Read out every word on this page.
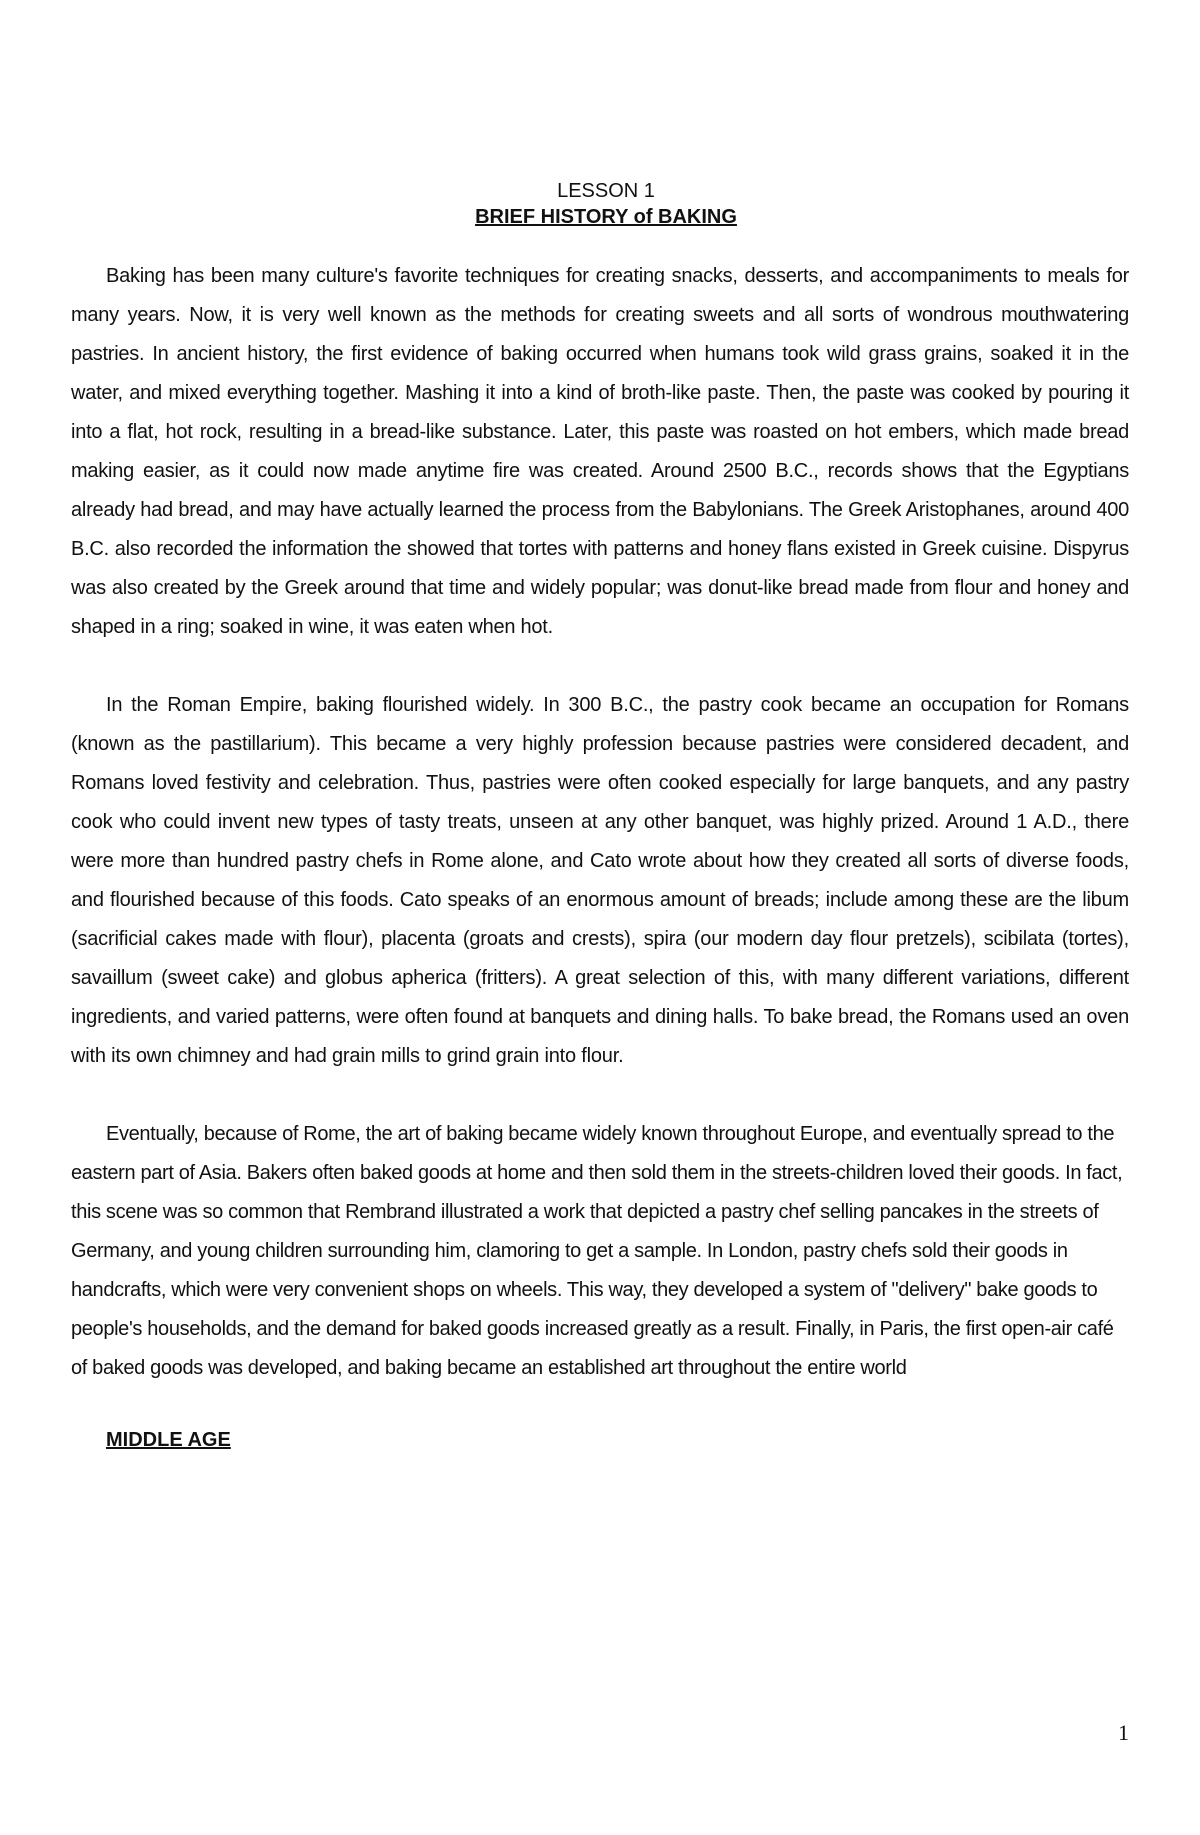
LESSON 1

BRIEF HISTORY of BAKING

Baking has been many culture's favorite techniques for creating snacks, desserts, and accompaniments to meals for many years. Now, it is very well known as the methods for creating sweets and all sorts of wondrous mouthwatering pastries. In ancient history, the first evidence of baking occurred when humans took wild grass grains, soaked it in the water, and mixed everything together. Mashing it into a kind of broth-like paste. Then, the paste was cooked by pouring it into a flat, hot rock, resulting in a bread-like substance. Later, this paste was roasted on hot embers, which made bread making easier, as it could now made anytime fire was created. Around 2500 B.C., records shows that the Egyptians already had bread, and may have actually learned the process from the Babylonians. The Greek Aristophanes, around 400 B.C. also recorded the information the showed that tortes with patterns and honey flans existed in Greek cuisine. Dispyrus was also created by the Greek around that time and widely popular; was donut-like bread made from flour and honey and shaped in a ring; soaked in wine, it was eaten when hot.

In the Roman Empire, baking flourished widely. In 300 B.C., the pastry cook became an occupation for Romans (known as the pastillarium). This became a very highly profession because pastries were considered decadent, and Romans loved festivity and celebration. Thus, pastries were often cooked especially for large banquets, and any pastry cook who could invent new types of tasty treats, unseen at any other banquet, was highly prized. Around 1 A.D., there were more than hundred pastry chefs in Rome alone, and Cato wrote about how they created all sorts of diverse foods, and flourished because of this foods. Cato speaks of an enormous amount of breads; include among these are the libum (sacrificial cakes made with flour), placenta (groats and crests), spira (our modern day flour pretzels), scibilata (tortes), savaillum (sweet cake) and globus apherica (fritters). A great selection of this, with many different variations, different ingredients, and varied patterns, were often found at banquets and dining halls. To bake bread, the Romans used an oven with its own chimney and had grain mills to grind grain into flour.

Eventually, because of Rome, the art of baking became widely known throughout Europe, and eventually spread to the eastern part of Asia. Bakers often baked goods at home and then sold them in the streets-children loved their goods. In fact, this scene was so common that Rembrand illustrated a work that depicted a pastry chef selling pancakes in the streets of Germany, and young children surrounding him, clamoring to get a sample. In London, pastry chefs sold their goods in handcrafts, which were very convenient shops on wheels. This way, they developed a system of "delivery" bake goods to people's households, and the demand for baked goods increased greatly as a result. Finally, in Paris, the first open-air café of baked goods was developed, and baking became an established art throughout the entire world

MIDDLE AGE

1
